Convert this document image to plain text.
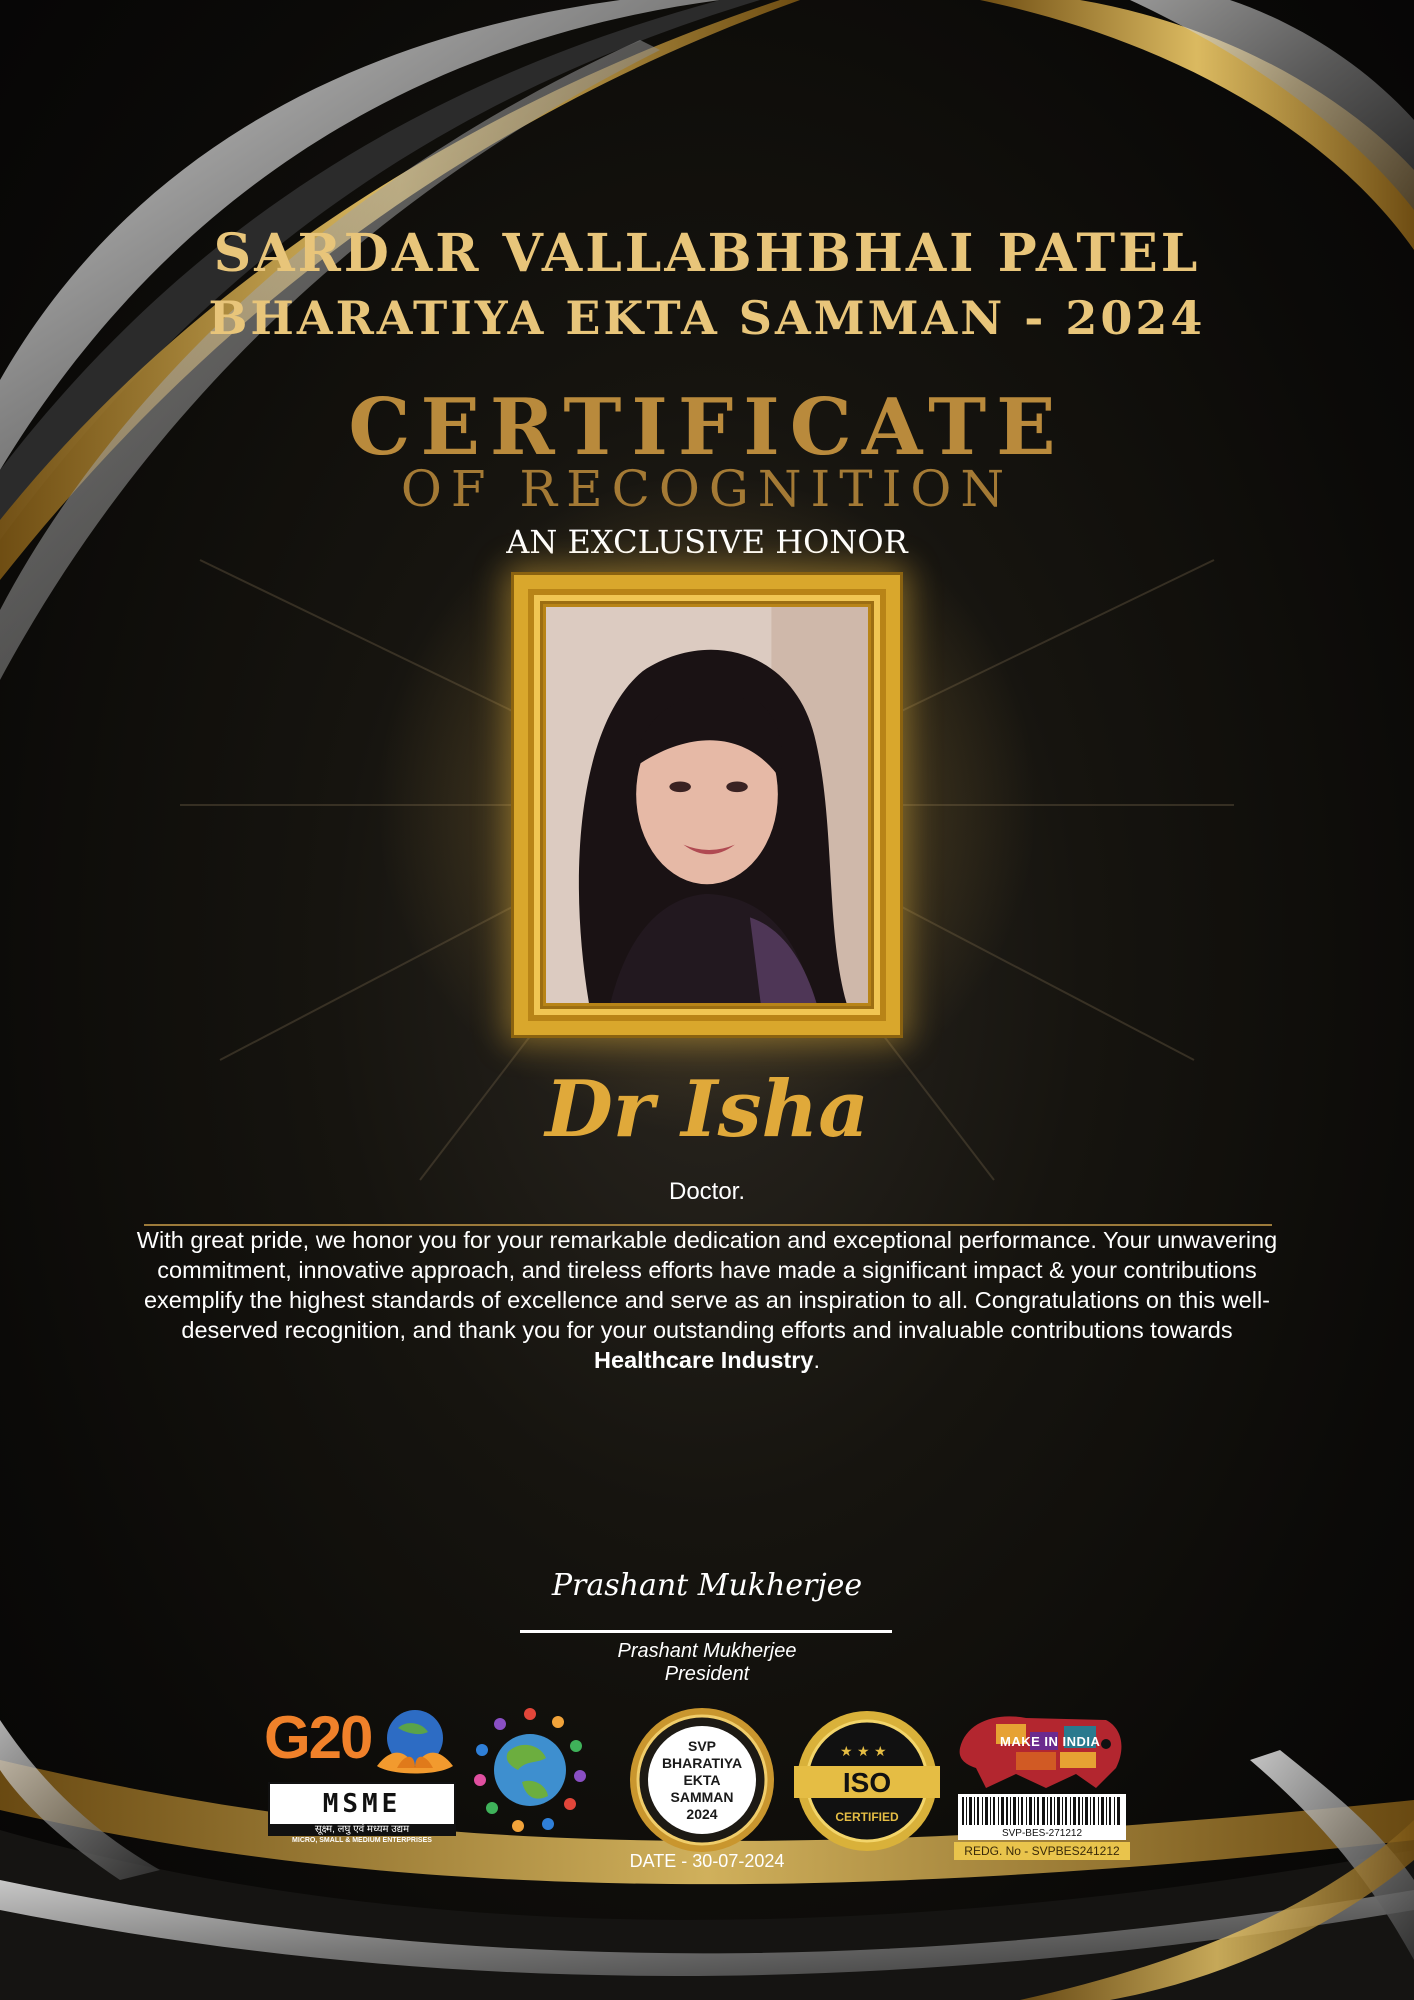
SARDAR VALLABHBHAI PATEL
BHARATIYA EKTA SAMMAN - 2024
CERTIFICATE
OF RECOGNITION
AN EXCLUSIVE HONOR
Dr Isha
Doctor.
With great pride, we honor you for your remarkable dedication and exceptional performance. Your unwavering commitment, innovative approach, and tireless efforts have made a significant impact & your contributions exemplify the highest standards of excellence and serve as an inspiration to all. Congratulations on this well-deserved recognition, and thank you for your outstanding efforts and invaluable contributions towards Healthcare Industry.
Prashant Mukherjee
Prashant Mukherjee
President
G20
MSME
सूक्ष्म, लघु एवं मध्यम उद्यम
MICRO, SMALL & MEDIUM ENTERPRISES
SVP
BHARATIYA
EKTA
SAMMAN
2024
★ ★ ★
ISO
CERTIFIED
MAKE IN INDIA
SVP-BES-271212
REDG. No - SVPBES241212
DATE - 30-07-2024
